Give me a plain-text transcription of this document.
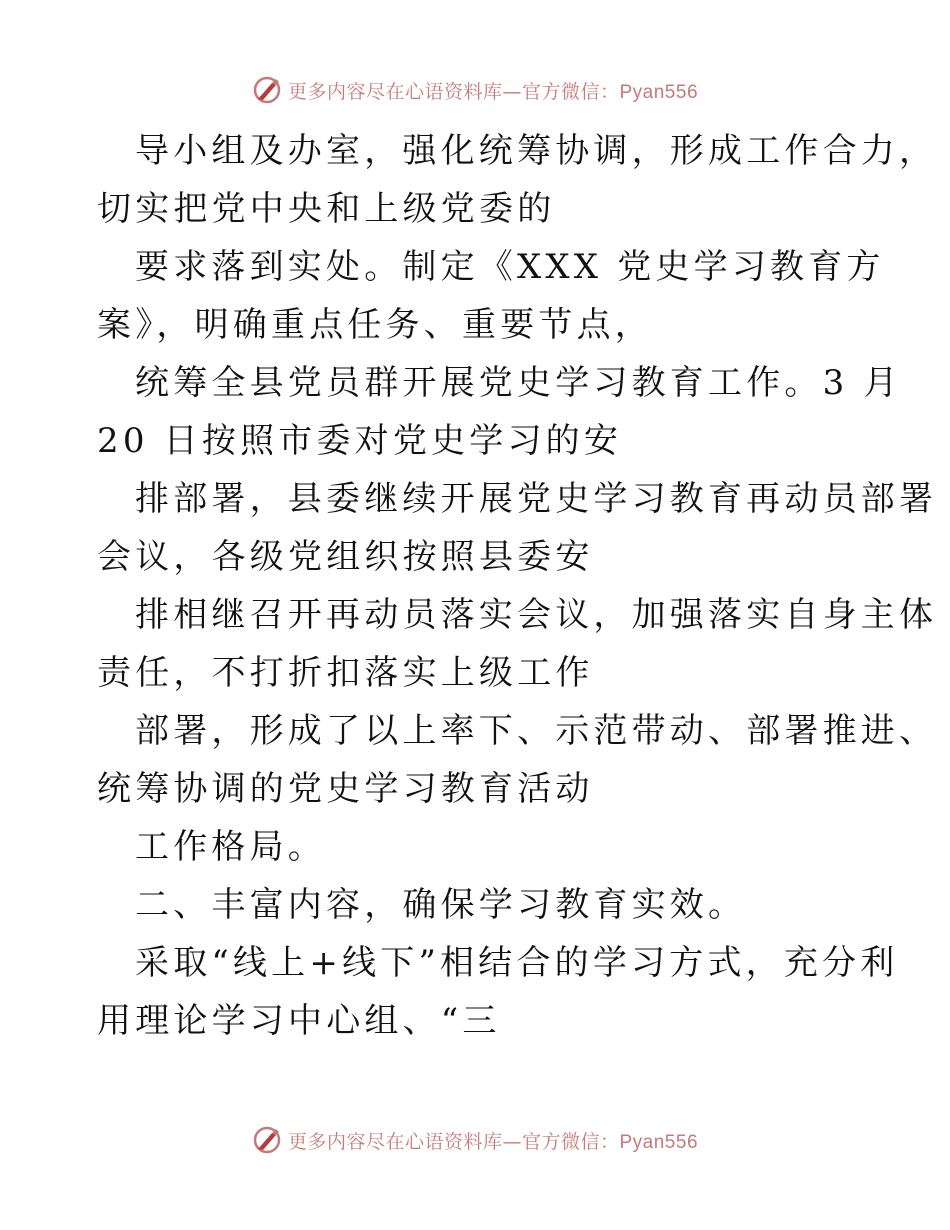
更多内容尽在心语资料库—官方微信：Pyan556
导小组及办室，强化统筹协调，形成工作合力，
切实把党中央和上级党委的
要求落到实处。制定《XXX 党史学习教育方
案》，明确重点任务、重要节点，
统筹全县党员群开展党史学习教育工作。3 月
20 日按照市委对党史学习的安
排部署，县委继续开展党史学习教育再动员部署
会议，各级党组织按照县委安
排相继召开再动员落实会议，加强落实自身主体
责任，不打折扣落实上级工作
部署，形成了以上率下、示范带动、部署推进、
统筹协调的党史学习教育活动
工作格局。
二、丰富内容，确保学习教育实效。
采取“线上+线下”相结合的学习方式，充分利
用理论学习中心组、“三
更多内容尽在心语资料库—官方微信：Pyan556
